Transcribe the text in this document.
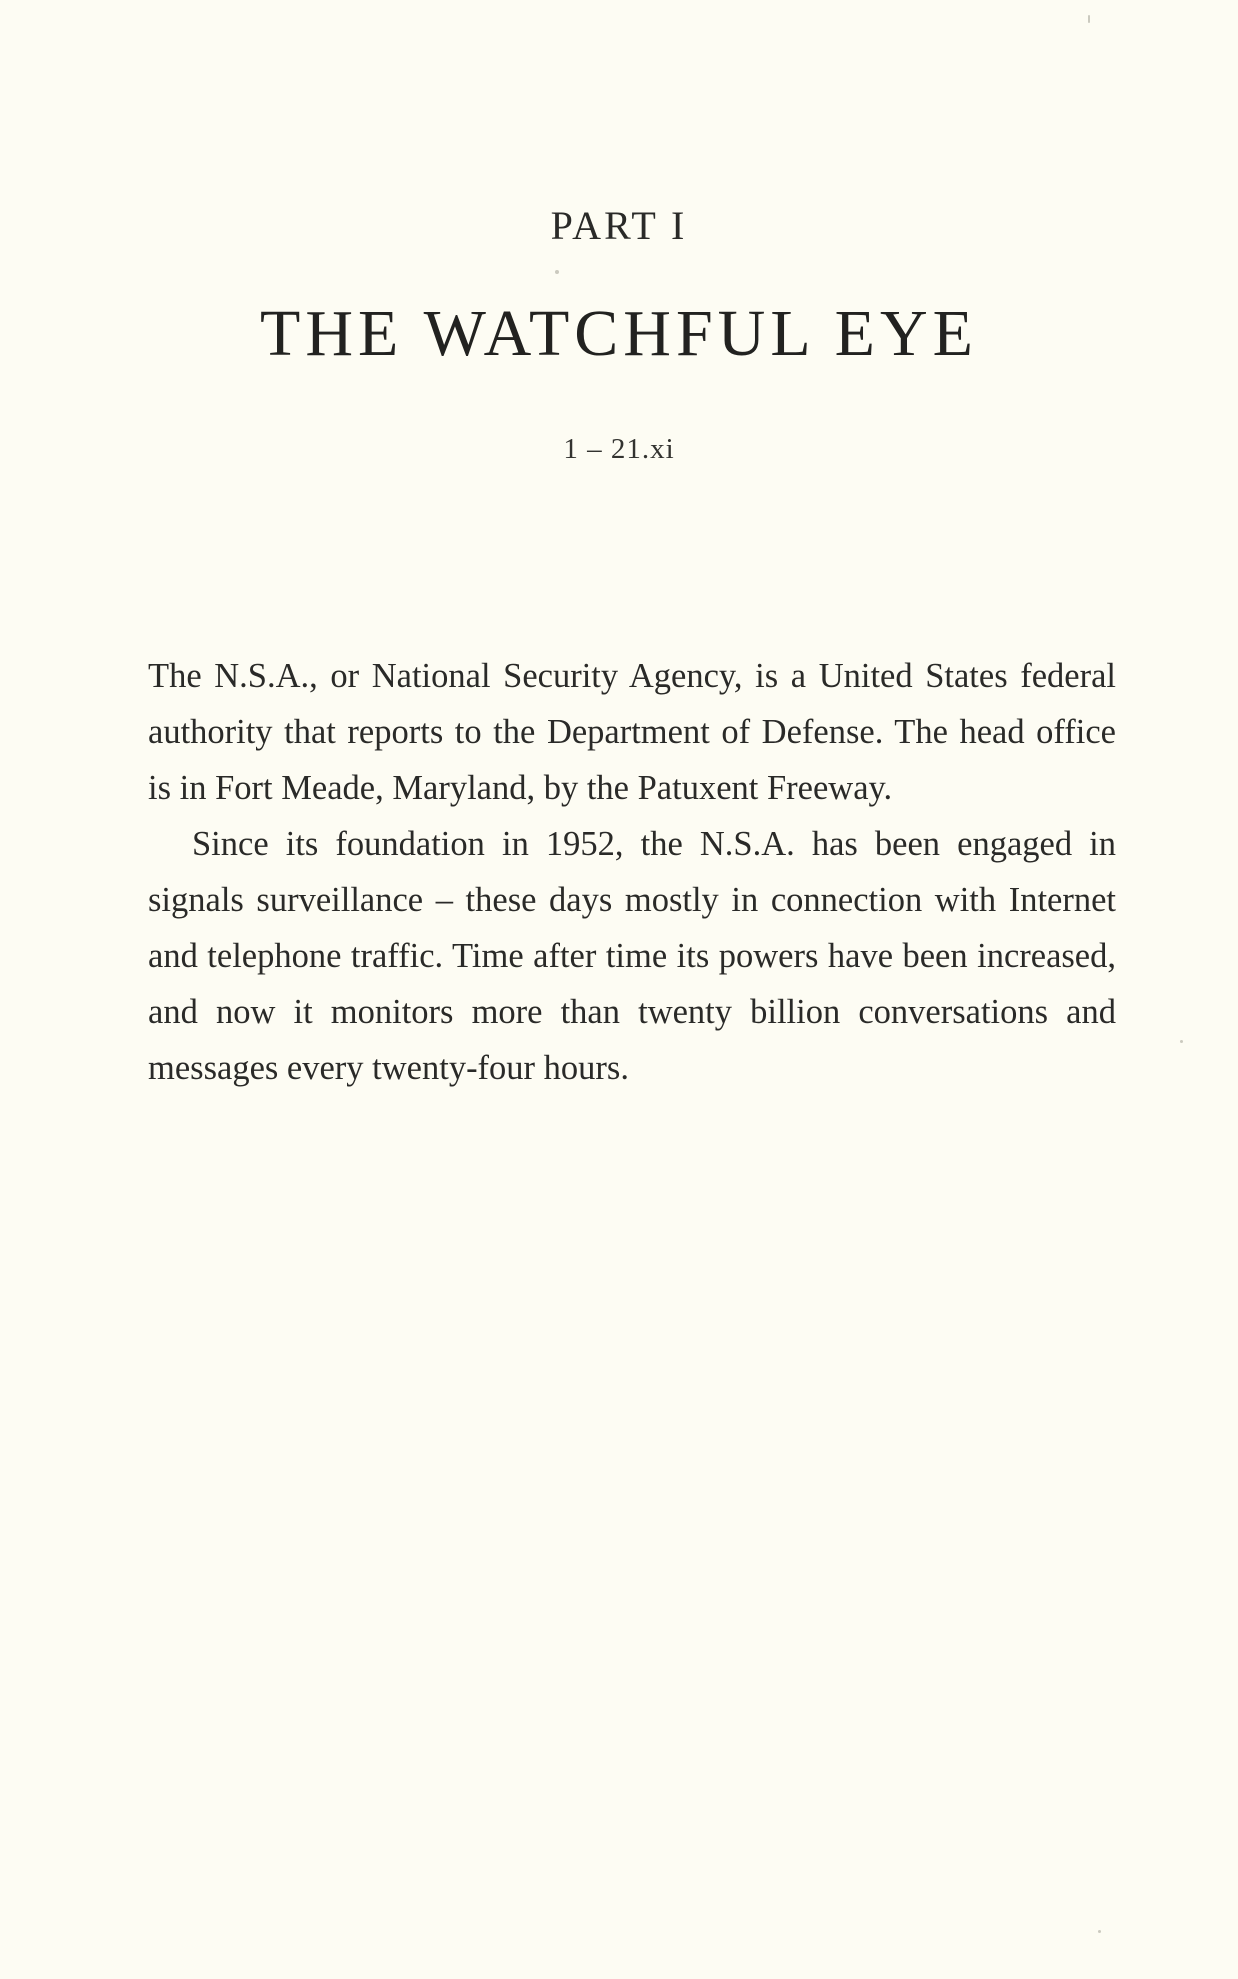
PART I
THE WATCHFUL EYE
1 – 21.xi

The N.S.A., or National Security Agency, is a United States federal authority that reports to the Department of Defense. The head office is in Fort Meade, Maryland, by the Patuxent Freeway.

Since its foundation in 1952, the N.S.A. has been engaged in signals surveillance – these days mostly in connection with Internet and telephone traffic. Time after time its powers have been increased, and now it monitors more than twenty billion conversations and messages every twenty-four hours.
